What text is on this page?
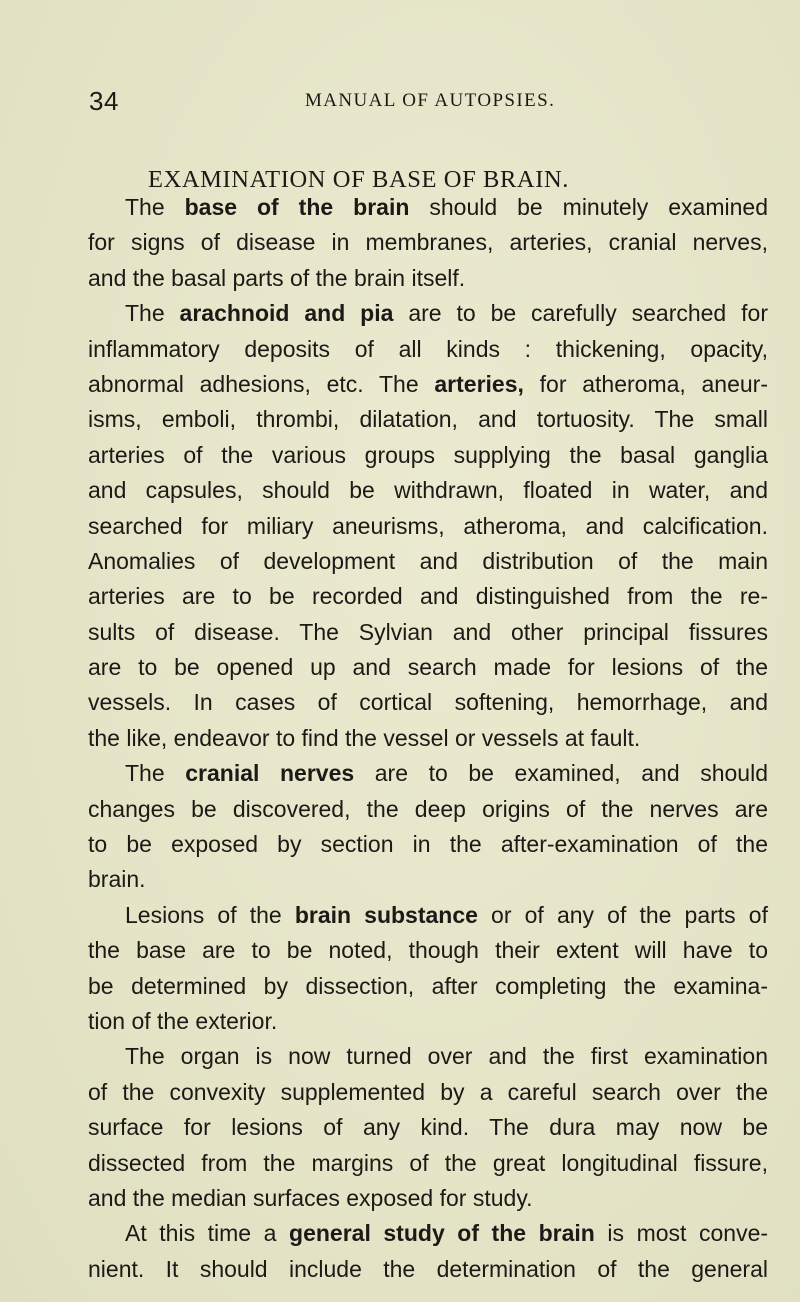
34	MANUAL OF AUTOPSIES.
EXAMINATION OF BASE OF BRAIN.
The base of the brain should be minutely examined
for signs of disease in membranes, arteries, cranial nerves,
and the basal parts of the brain itself.
The arachnoid and pia are to be carefully searched for
inflammatory deposits of all kinds : thickening, opacity,
abnormal adhesions, etc. The arteries, for atheroma, aneur-
isms, emboli, thrombi, dilatation, and tortuosity. The small
arteries of the various groups supplying the basal ganglia
and capsules, should be withdrawn, floated in water, and
searched for miliary aneurisms, atheroma, and calcification.
Anomalies of development and distribution of the main
arteries are to be recorded and distinguished from the re-
sults of disease. The Sylvian and other principal fissures
are to be opened up and search made for lesions of the
vessels. In cases of cortical softening, hemorrhage, and
the like, endeavor to find the vessel or vessels at fault.
The cranial nerves are to be examined, and should
changes be discovered, the deep origins of the nerves are
to be exposed by section in the after-examination of the
brain.
Lesions of the brain substance or of any of the parts of
the base are to be noted, though their extent will have to
be determined by dissection, after completing the examina-
tion of the exterior.
The organ is now turned over and the first examination
of the convexity supplemented by a careful search over the
surface for lesions of any kind. The dura may now be
dissected from the margins of the great longitudinal fissure,
and the median surfaces exposed for study.
At this time a general study of the brain is most conve-
nient. It should include the determination of the general
